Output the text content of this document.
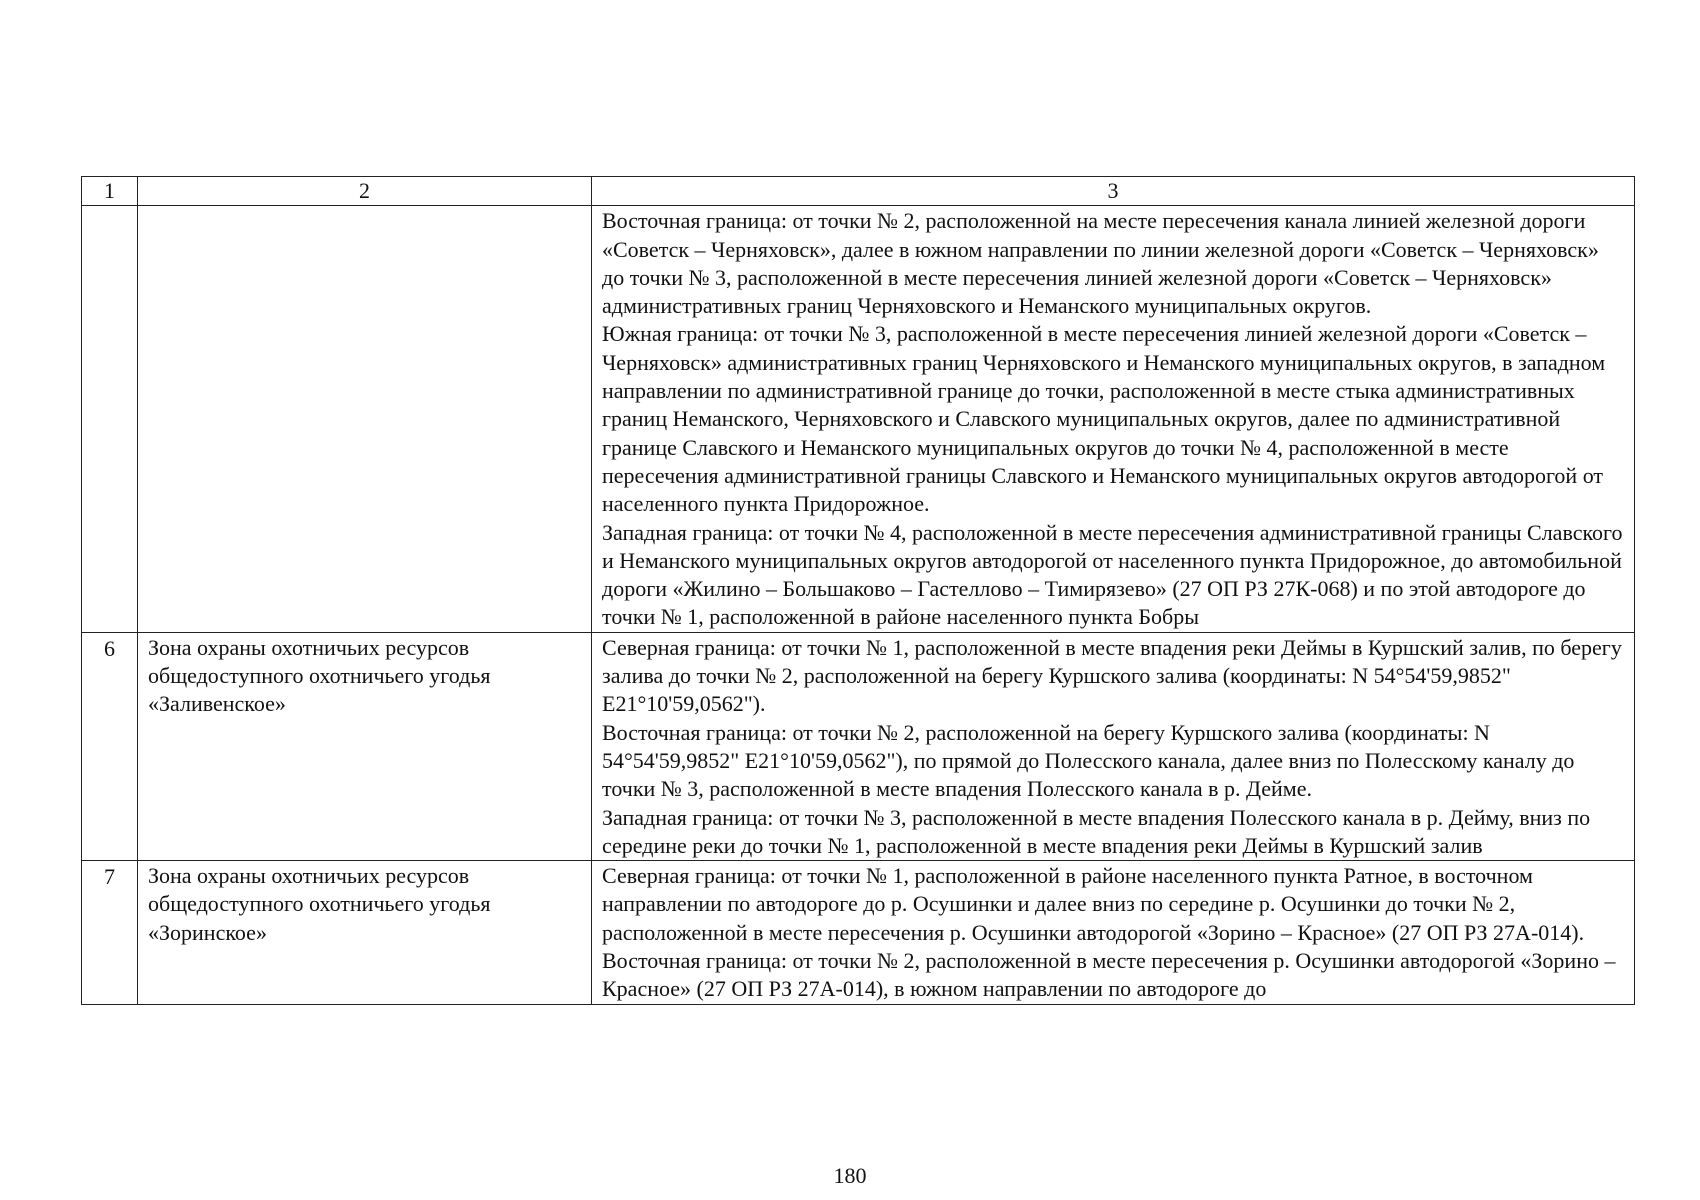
1	2	3

		Восточная граница: от точки № 2, расположенной на месте пересечения канала линией железной дороги «Советск – Черняховск», далее в южном направлении по линии железной дороги «Советск – Черняховск» до точки № 3, расположенной в месте пересечения линией железной дороги «Советск – Черняховск» административных границ Черняховского и Неманского муниципальных округов.
Южная граница: от точки № 3, расположенной в месте пересечения линией железной дороги «Советск – Черняховск» административных границ Черняховского и Неманского муниципальных округов, в западном направлении по административной границе до точки, расположенной в месте стыка административных границ Неманского, Черняховского и Славского муниципальных округов, далее по административной границе Славского и Неманского муниципальных округов до точки № 4, расположенной в месте пересечения административной границы Славского и Неманского муниципальных округов автодорогой от населенного пункта Придорожное.
Западная граница: от точки № 4, расположенной в месте пересечения административной границы Славского и Неманского муниципальных округов автодорогой от населенного пункта Придорожное, до автомобильной дороги «Жилино – Большаково – Гастеллово – Тимирязево» (27 ОП РЗ 27К-068) и по этой автодороге до точки № 1, расположенной в районе населенного пункта Бобры

6	Зона охраны охотничьих ресурсов общедоступного охотничьего угодья «Заливенское»	Северная граница: от точки № 1, расположенной в месте впадения реки Деймы в Куршский залив, по берегу залива до точки № 2, расположенной на берегу Куршского залива (координаты: N 54°54'59,9852" E21°10'59,0562").
Восточная граница: от точки № 2, расположенной на берегу Куршского залива (координаты: N 54°54'59,9852" E21°10'59,0562"), по прямой до Полесского канала, далее вниз по Полесскому каналу до точки № 3, расположенной в месте впадения Полесского канала в р. Дейме.
Западная граница: от точки № 3, расположенной в месте впадения Полесского канала в р. Дейму, вниз по середине реки до точки № 1, расположенной в месте впадения реки Деймы в Куршский залив

7	Зона охраны охотничьих ресурсов общедоступного охотничьего угодья «Зоринское»	Северная граница: от точки № 1, расположенной в районе населенного пункта Ратное, в восточном направлении по автодороге до р. Осушинки и далее вниз по середине р. Осушинки до точки № 2, расположенной в месте пересечения р. Осушинки автодорогой «Зорино – Красное» (27 ОП РЗ 27А-014).
Восточная граница: от точки № 2, расположенной в месте пересечения р. Осушинки автодорогой «Зорино – Красное» (27 ОП РЗ 27А-014), в южном направлении по автодороге до
180
